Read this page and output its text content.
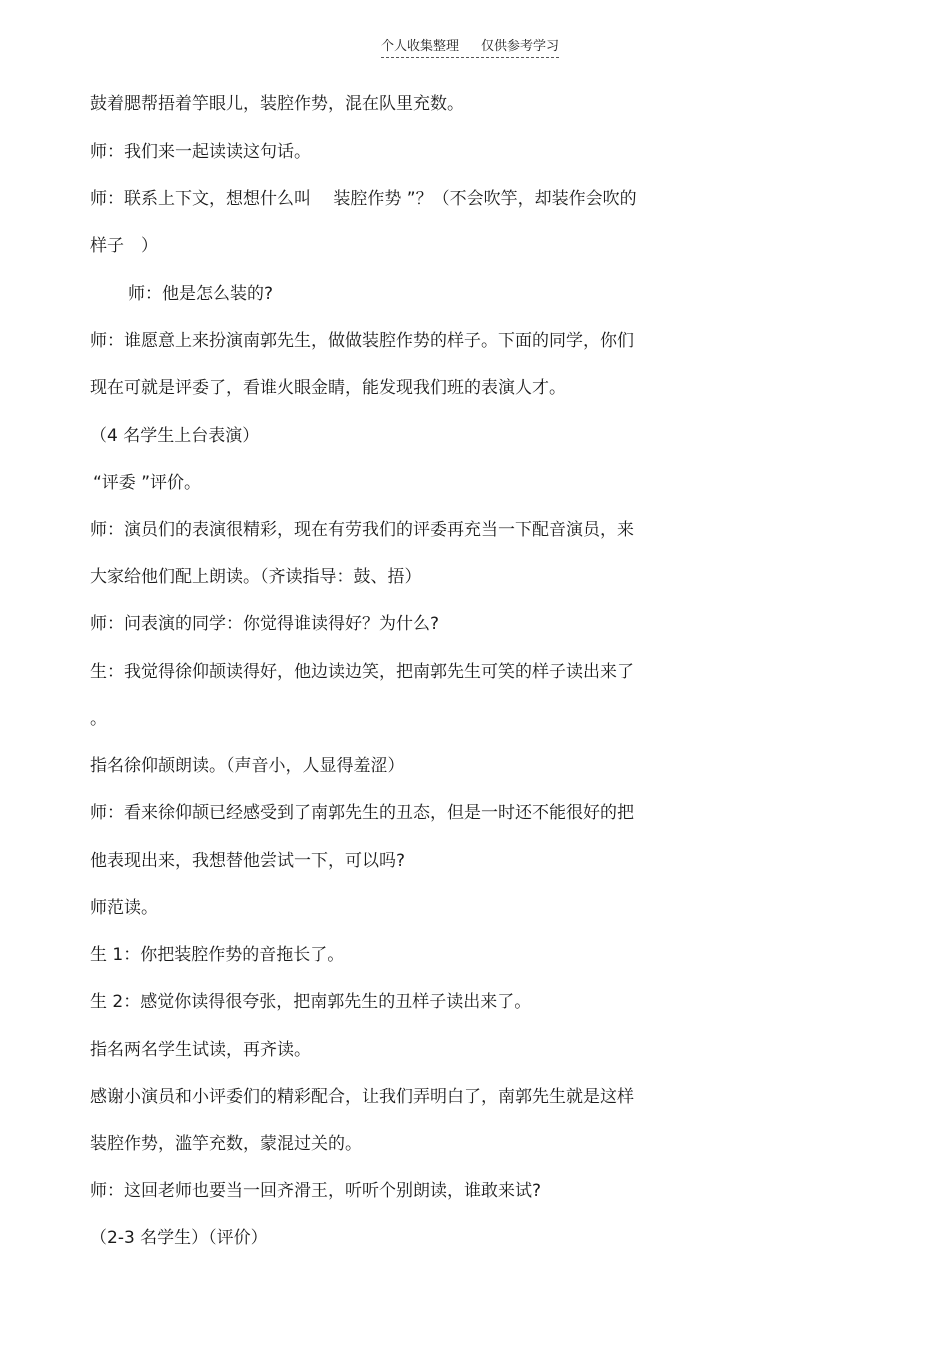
个人收集整理 仅供参考学习
鼓着腮帮捂着竽眼儿，装腔作势，混在队里充数。
师：我们来一起读读这句话。
师：联系上下文，想想什么叫　 装腔作势 ”？（不会吹竽，却装作会吹的
样子　）
师：他是怎么装的?
师：谁愿意上来扮演南郭先生，做做装腔作势的样子。下面的同学，你们
现在可就是评委了，看谁火眼金睛，能发现我们班的表演人才。
（4 名学生上台表演）
“评委 ”评价。
师：演员们的表演很精彩，现在有劳我们的评委再充当一下配音演员，来
大家给他们配上朗读。（齐读指导：鼓、捂）
师：问表演的同学：你觉得谁读得好？为什么?
生：我觉得徐仰颉读得好，他边读边笑，把南郭先生可笑的样子读出来了
。
指名徐仰颉朗读。（声音小，人显得羞涩）
师：看来徐仰颉已经感受到了南郭先生的丑态，但是一时还不能很好的把
他表现出来，我想替他尝试一下，可以吗?
师范读。
生 1：你把装腔作势的音拖长了。
生 2：感觉你读得很夸张，把南郭先生的丑样子读出来了。
指名两名学生试读，再齐读。
感谢小演员和小评委们的精彩配合，让我们弄明白了，南郭先生就是这样
装腔作势，滥竽充数，蒙混过关的。
师：这回老师也要当一回齐滑王，听听个别朗读，谁敢来试?
（2-3 名学生）（评价）
